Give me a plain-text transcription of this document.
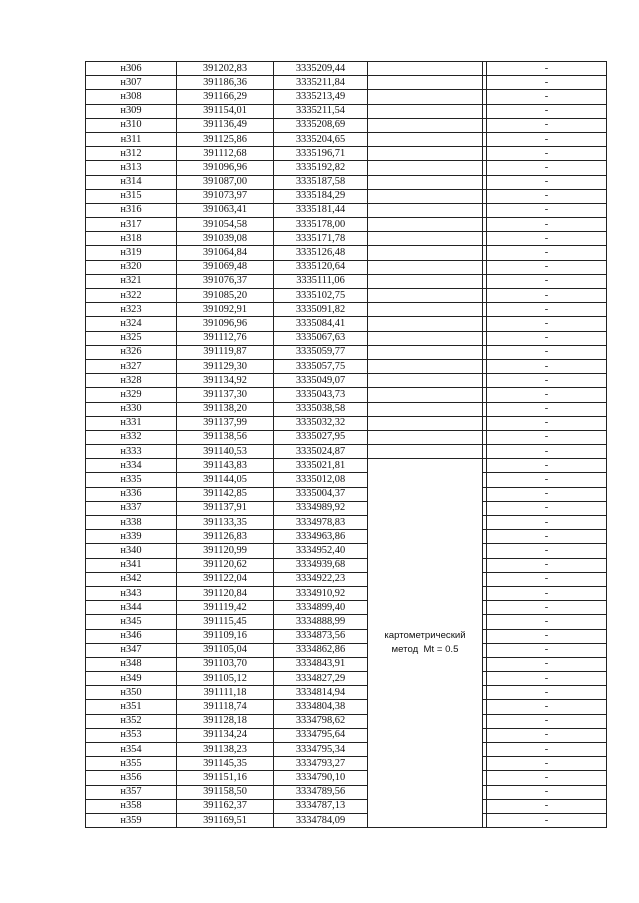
н306	391202,83	3335209,44			-
н307	391186,36	3335211,84			-
н308	391166,29	3335213,49			-
н309	391154,01	3335211,54			-
н310	391136,49	3335208,69			-
н311	391125,86	3335204,65			-
н312	391112,68	3335196,71			-
н313	391096,96	3335192,82			-
н314	391087,00	3335187,58			-
н315	391073,97	3335184,29			-
н316	391063,41	3335181,44			-
н317	391054,58	3335178,00			-
н318	391039,08	3335171,78			-
н319	391064,84	3335126,48			-
н320	391069,48	3335120,64			-
н321	391076,37	3335111,06			-
н322	391085,20	3335102,75			-
н323	391092,91	3335091,82			-
н324	391096,96	3335084,41			-
н325	391112,76	3335067,63			-
н326	391119,87	3335059,77			-
н327	391129,30	3335057,75			-
н328	391134,92	3335049,07			-
н329	391137,30	3335043,73			-
н330	391138,20	3335038,58			-
н331	391137,99	3335032,32			-
н332	391138,56	3335027,95			-
н333	391140,53	3335024,87			-
н334	391143,83	3335021,81	картометрический
метод  Mt = 0.5		-
н335	391144,05	3335012,08			-
н336	391142,85	3335004,37			-
н337	391137,91	3334989,92			-
н338	391133,35	3334978,83			-
н339	391126,83	3334963,86			-
н340	391120,99	3334952,40			-
н341	391120,62	3334939,68			-
н342	391122,04	3334922,23			-
н343	391120,84	3334910,92			-
н344	391119,42	3334899,40			-
н345	391115,45	3334888,99			-
н346	391109,16	3334873,56			-
н347	391105,04	3334862,86			-
н348	391103,70	3334843,91			-
н349	391105,12	3334827,29			-
н350	391111,18	3334814,94			-
н351	391118,74	3334804,38			-
н352	391128,18	3334798,62			-
н353	391134,24	3334795,64			-
н354	391138,23	3334795,34			-
н355	391145,35	3334793,27			-
н356	391151,16	3334790,10			-
н357	391158,50	3334789,56			-
н358	391162,37	3334787,13			-
н359	391169,51	3334784,09			-
